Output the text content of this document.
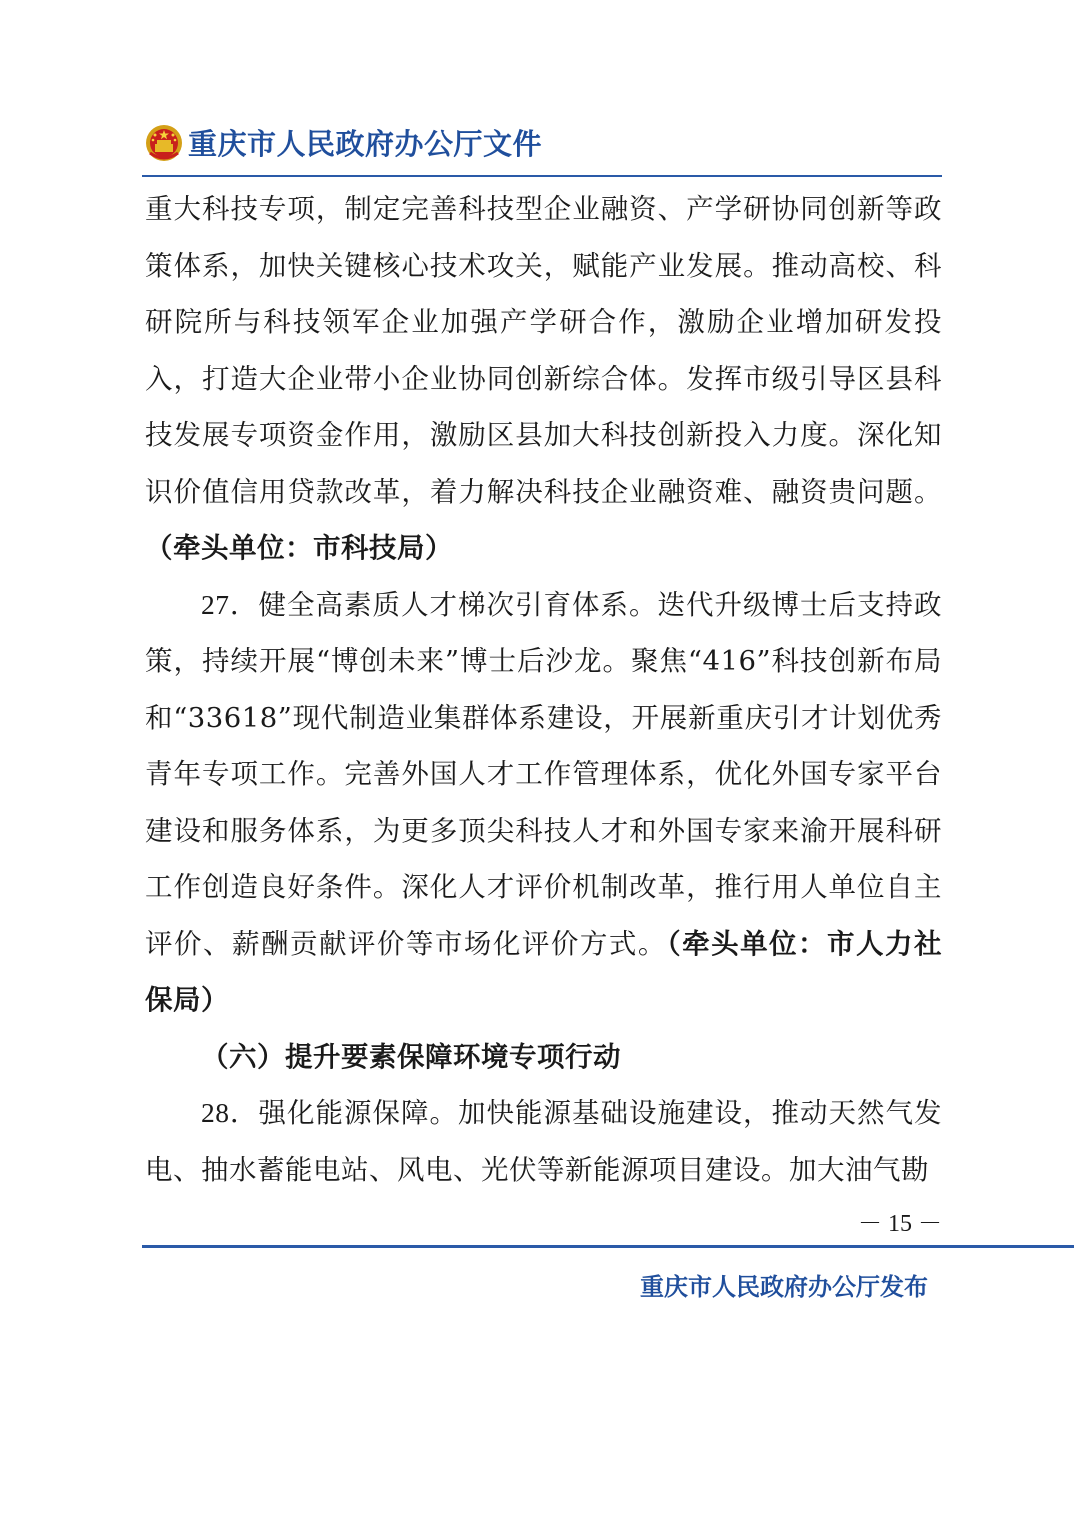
重庆市人民政府办公厅文件

重大科技专项，制定完善科技型企业融资、产学研协同创新等政策体系，加快关键核心技术攻关，赋能产业发展。推动高校、科研院所与科技领军企业加强产学研合作，激励企业增加研发投入，打造大企业带小企业协同创新综合体。发挥市级引导区县科技发展专项资金作用，激励区县加大科技创新投入力度。深化知识价值信用贷款改革，着力解决科技企业融资难、融资贵问题。（牵头单位：市科技局）

27．健全高素质人才梯次引育体系。迭代升级博士后支持政策，持续开展“博创未来”博士后沙龙。聚焦“416”科技创新布局和“33618”现代制造业集群体系建设，开展新重庆引才计划优秀青年专项工作。完善外国人才工作管理体系，优化外国专家平台建设和服务体系，为更多顶尖科技人才和外国专家来渝开展科研工作创造良好条件。深化人才评价机制改革，推行用人单位自主评价、薪酬贡献评价等市场化评价方式。（牵头单位：市人力社保局）

（六）提升要素保障环境专项行动

28．强化能源保障。加快能源基础设施建设，推动天然气发电、抽水蓄能电站、风电、光伏等新能源项目建设。加大油气勘

－ 15 －
重庆市人民政府办公厅发布
